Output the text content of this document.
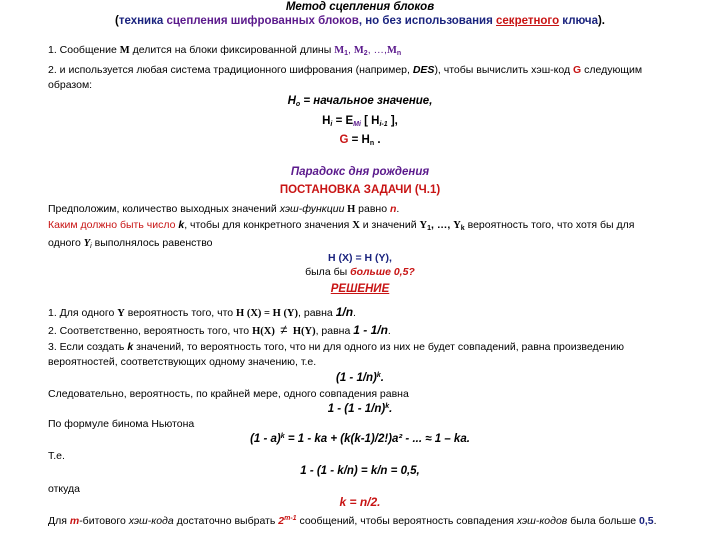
Метод сцепления блоков
(техника сцепления шифрованных блоков, но без использования секретного ключа).
1. Сообщение M делится на блоки фиксированной длины $M_1$, $M_2$, $\dots,M_n$
2. и используется любая система традиционного шифрования (например, DES), чтобы вычислить хэш-код G следующим
образом:
$H_o$ = начальное значение,
$H_i = E_{Mi}$ [ $H_{i-1}$ ],
$G = H_n$ .
Парадокс дня рождения
ПОСТАНОВКА ЗАДАЧИ (Ч.1)
Предположим, количество выходных значений хэш-функции H равно n.
Каким должно быть число k, чтобы для конкретного значения X и значений $Y_1$, …, $Y_k$ вероятность того, что хотя бы для
одного $Y_i$ выполнялось равенство
H (X) = H (Y),
была бы больше 0,5?
РЕШЕНИЕ
1. Для одного Y вероятность того, что H (X) = H (Y), равна 1/n.
2. Соответственно, вероятность того, что H(X) ≠ H(Y), равна 1 - 1/n.
3. Если создать k значений, то вероятность того, что ни для одного из них не будет совпадений, равна произведению
вероятностей, соответствующих одному значению, т.е.
(1 - 1/n)$^k$.
Следовательно, вероятность, по крайней мере, одного совпадения равна
1 - (1 - 1/n)$^k$.
По формуле бинома Ньютона
(1 - a)$^k$ = 1 - ka + (k(k-1)/2!)a² - ... ≈ 1 – ka.
Т.е.
1 - (1 - k/n) = k/n = 0,5,
откуда
k = n/2.
Для m-битового хэш-кода достаточно выбрать 2$^{m-1}$ сообщений, чтобы вероятность совпадения хэш-кодов была больше 0,5.
